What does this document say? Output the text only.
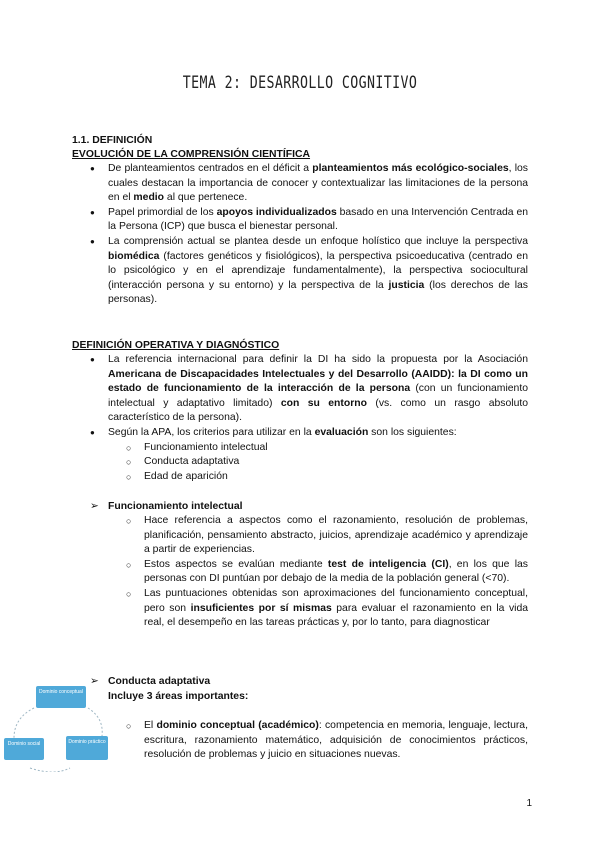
TEMA 2: DESARROLLO COGNITIVO
1.1. DEFINICIÓN
EVOLUCIÓN DE LA COMPRENSIÓN CIENTÍFICA
● De planteamientos centrados en el déficit a planteamientos más ecológico-sociales, los cuales destacan la importancia de conocer y contextualizar las limitaciones de la persona en el medio al que pertenece.
● Papel primordial de los apoyos individualizados basado en una Intervención Centrada en la Persona (ICP) que busca el bienestar personal.
● La comprensión actual se plantea desde un enfoque holístico que incluye la perspectiva biomédica (factores genéticos y fisiológicos), la perspectiva psicoeducativa (centrado en lo psicológico y en el aprendizaje fundamentalmente), la perspectiva sociocultural (interacción persona y su entorno) y la perspectiva de la justicia (los derechos de las personas).
DEFINICIÓN OPERATIVA Y DIAGNÓSTICO
● La referencia internacional para definir la DI ha sido la propuesta por la Asociación Americana de Discapacidades Intelectuales y del Desarrollo (AAIDD): la DI como un estado de funcionamiento de la interacción de la persona (con un funcionamiento intelectual y adaptativo limitado) con su entorno (vs. como un rasgo absoluto característico de la persona).
● Según la APA, los criterios para utilizar en la evaluación son los siguientes:
○ Funcionamiento intelectual
○ Conducta adaptativa
○ Edad de aparición
➢ Funcionamiento intelectual
○ Hace referencia a aspectos como el razonamiento, resolución de problemas, planificación, pensamiento abstracto, juicios, aprendizaje académico y aprendizaje a partir de experiencias.
○ Estos aspectos se evalúan mediante test de inteligencia (CI), en los que las personas con DI puntúan por debajo de la media de la población general (<70).
○ Las puntuaciones obtenidas son aproximaciones del funcionamiento conceptual, pero son insuficientes por sí mismas para evaluar el razonamiento en la vida real, el desempeño en las tareas prácticas y, por lo tanto, para diagnosticar
➢ Conducta adaptativa
Incluye 3 áreas importantes:
○ El dominio conceptual (académico): competencia en memoria, lenguaje, lectura, escritura, razonamiento matemático, adquisición de conocimientos prácticos, resolución de problemas y juicio en situaciones nuevas.
Dominio conceptual
Dominio social	Dominio práctico
1
